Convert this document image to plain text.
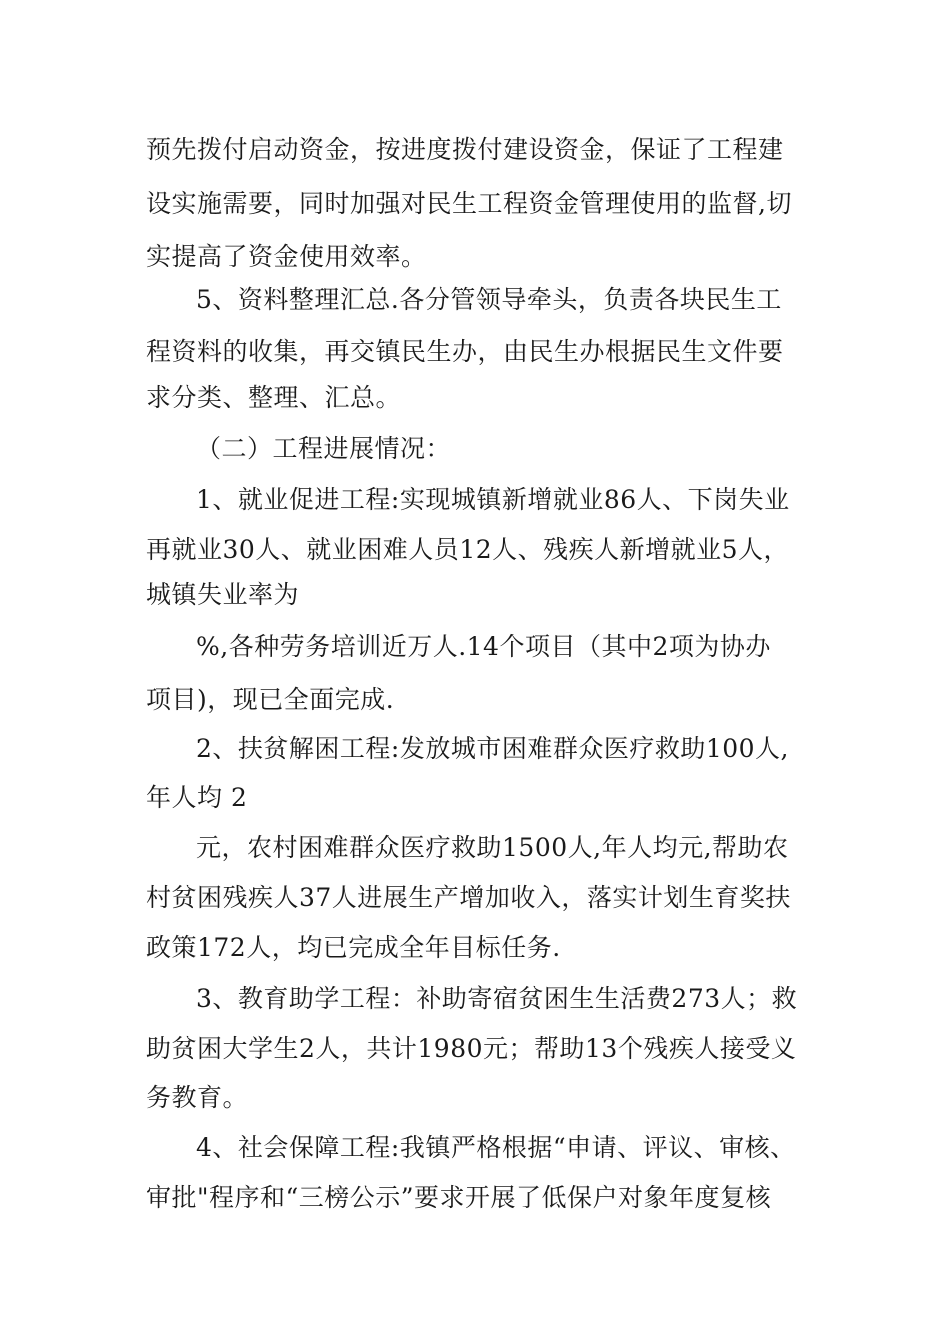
预先拨付启动资金，按进度拨付建设资金，保证了工程建
设实施需要，同时加强对民生工程资金管理使用的监督,切
实提高了资金使用效率。
5、资料整理汇总.各分管领导牵头，负责各块民生工
程资料的收集，再交镇民生办，由民生办根据民生文件要
求分类、整理、汇总。
（二）工程进展情况：
1、就业促进工程:实现城镇新增就业86人、下岗失业
再就业30人、就业困难人员12人、残疾人新增就业5人，
城镇失业率为
%,各种劳务培训近万人.14个项目（其中2项为协办
项目)，现已全面完成.
2、扶贫解困工程:发放城市困难群众医疗救助100人,
年人均 2
元，农村困难群众医疗救助1500人,年人均元,帮助农
村贫困残疾人37人进展生产增加收入，落实计划生育奖扶
政策172人，均已完成全年目标任务.
3、教育助学工程：补助寄宿贫困生生活费273人；救
助贫困大学生2人，共计1980元；帮助13个残疾人接受义
务教育。
4、社会保障工程:我镇严格根据“申请、评议、审核、
审批"程序和“三榜公示”要求开展了低保户对象年度复核
